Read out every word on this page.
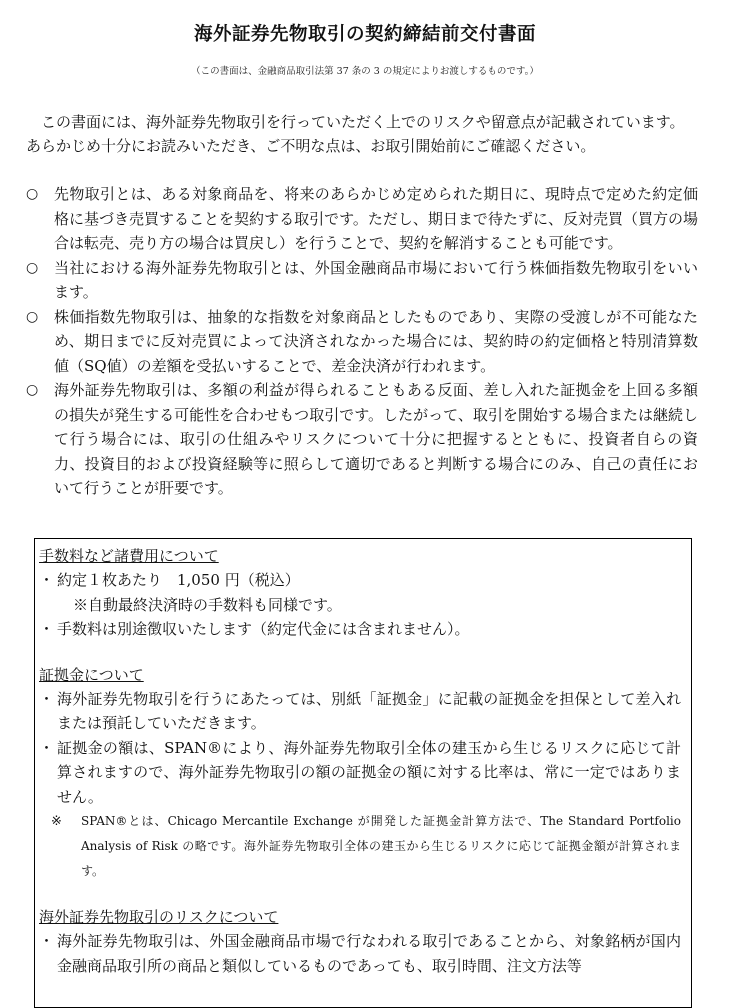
海外証券先物取引の契約締結前交付書面
（この書面は、金融商品取引法第 37 条の 3 の規定によりお渡しするものです。）
この書面には、海外証券先物取引を行っていただく上でのリスクや留意点が記載されています。あらかじめ十分にお読みいただき、ご不明な点は、お取引開始前にご確認ください。
○ 先物取引とは、ある対象商品を、将来のあらかじめ定められた期日に、現時点で定めた約定価格に基づき売買することを契約する取引です。ただし、期日まで待たずに、反対売買（買方の場合は転売、売り方の場合は買戻し）を行うことで、契約を解消することも可能です。
○ 当社における海外証券先物取引とは、外国金融商品市場において行う株価指数先物取引をいいます。
○ 株価指数先物取引は、抽象的な指数を対象商品としたものであり、実際の受渡しが不可能なため、期日までに反対売買によって決済されなかった場合には、契約時の約定価格と特別清算数値（SQ値）の差額を受払いすることで、差金決済が行われます。
○ 海外証券先物取引は、多額の利益が得られることもある反面、差し入れた証拠金を上回る多額の損失が発生する可能性を合わせもつ取引です。したがって、取引を開始する場合または継続して行う場合には、取引の仕組みやリスクについて十分に把握するとともに、投資者自らの資力、投資目的および投資経験等に照らして適切であると判断する場合にのみ、自己の責任において行うことが肝要です。
手数料など諸費用について
・ 約定１枚あたり　1,050 円（税込）
※自動最終決済時の手数料も同様です。
・ 手数料は別途徴収いたします（約定代金には含まれません）。
証拠金について
・ 海外証券先物取引を行うにあたっては、別紙「証拠金」に記載の証拠金を担保として差入れまたは預託していただきます。
・ 証拠金の額は、SPAN®により、海外証券先物取引全体の建玉から生じるリスクに応じて計算されますので、海外証券先物取引の額の証拠金の額に対する比率は、常に一定ではありません。
※ SPAN®とは、Chicago Mercantile Exchange が開発した証拠金計算方法で、The Standard Portfolio Analysis of Risk の略です。海外証券先物取引全体の建玉から生じるリスクに応じて証拠金額が計算されます。
海外証券先物取引のリスクについて
・ 海外証券先物取引は、外国金融商品市場で行なわれる取引であることから、対象銘柄が国内金融商品取引所の商品と類似しているものであっても、取引時間、注文方法等
